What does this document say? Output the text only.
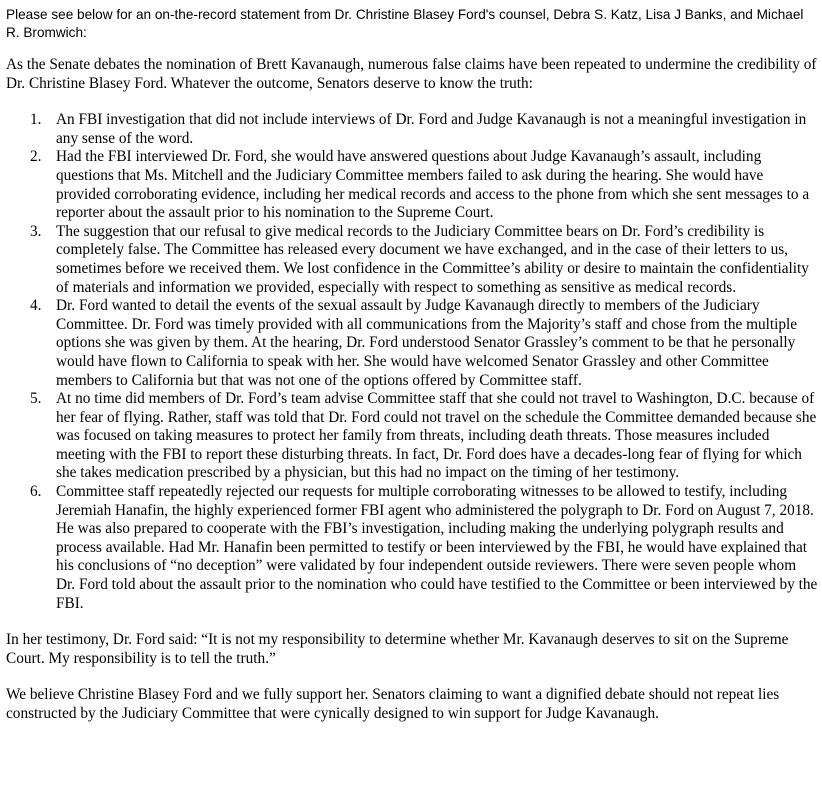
Please see below for an on-the-record statement from Dr. Christine Blasey Ford's counsel, Debra S. Katz, Lisa J Banks, and Michael R. Bromwich:

As the Senate debates the nomination of Brett Kavanaugh, numerous false claims have been repeated to undermine the credibility of Dr. Christine Blasey Ford. Whatever the outcome, Senators deserve to know the truth:

1. An FBI investigation that did not include interviews of Dr. Ford and Judge Kavanaugh is not a meaningful investigation in any sense of the word.
2. Had the FBI interviewed Dr. Ford, she would have answered questions about Judge Kavanaugh’s assault, including questions that Ms. Mitchell and the Judiciary Committee members failed to ask during the hearing. She would have provided corroborating evidence, including her medical records and access to the phone from which she sent messages to a reporter about the assault prior to his nomination to the Supreme Court.
3. The suggestion that our refusal to give medical records to the Judiciary Committee bears on Dr. Ford’s credibility is completely false. The Committee has released every document we have exchanged, and in the case of their letters to us, sometimes before we received them. We lost confidence in the Committee’s ability or desire to maintain the confidentiality of materials and information we provided, especially with respect to something as sensitive as medical records.
4. Dr. Ford wanted to detail the events of the sexual assault by Judge Kavanaugh directly to members of the Judiciary Committee. Dr. Ford was timely provided with all communications from the Majority’s staff and chose from the multiple options she was given by them. At the hearing, Dr. Ford understood Senator Grassley’s comment to be that he personally would have flown to California to speak with her. She would have welcomed Senator Grassley and other Committee members to California but that was not one of the options offered by Committee staff.
5. At no time did members of Dr. Ford’s team advise Committee staff that she could not travel to Washington, D.C. because of her fear of flying. Rather, staff was told that Dr. Ford could not travel on the schedule the Committee demanded because she was focused on taking measures to protect her family from threats, including death threats. Those measures included meeting with the FBI to report these disturbing threats. In fact, Dr. Ford does have a decades-long fear of flying for which she takes medication prescribed by a physician, but this had no impact on the timing of her testimony.
6. Committee staff repeatedly rejected our requests for multiple corroborating witnesses to be allowed to testify, including Jeremiah Hanafin, the highly experienced former FBI agent who administered the polygraph to Dr. Ford on August 7, 2018. He was also prepared to cooperate with the FBI’s investigation, including making the underlying polygraph results and process available. Had Mr. Hanafin been permitted to testify or been interviewed by the FBI, he would have explained that his conclusions of “no deception” were validated by four independent outside reviewers. There were seven people whom Dr. Ford told about the assault prior to the nomination who could have testified to the Committee or been interviewed by the FBI.

In her testimony, Dr. Ford said: “It is not my responsibility to determine whether Mr. Kavanaugh deserves to sit on the Supreme Court. My responsibility is to tell the truth.”

We believe Christine Blasey Ford and we fully support her. Senators claiming to want a dignified debate should not repeat lies constructed by the Judiciary Committee that were cynically designed to win support for Judge Kavanaugh.
